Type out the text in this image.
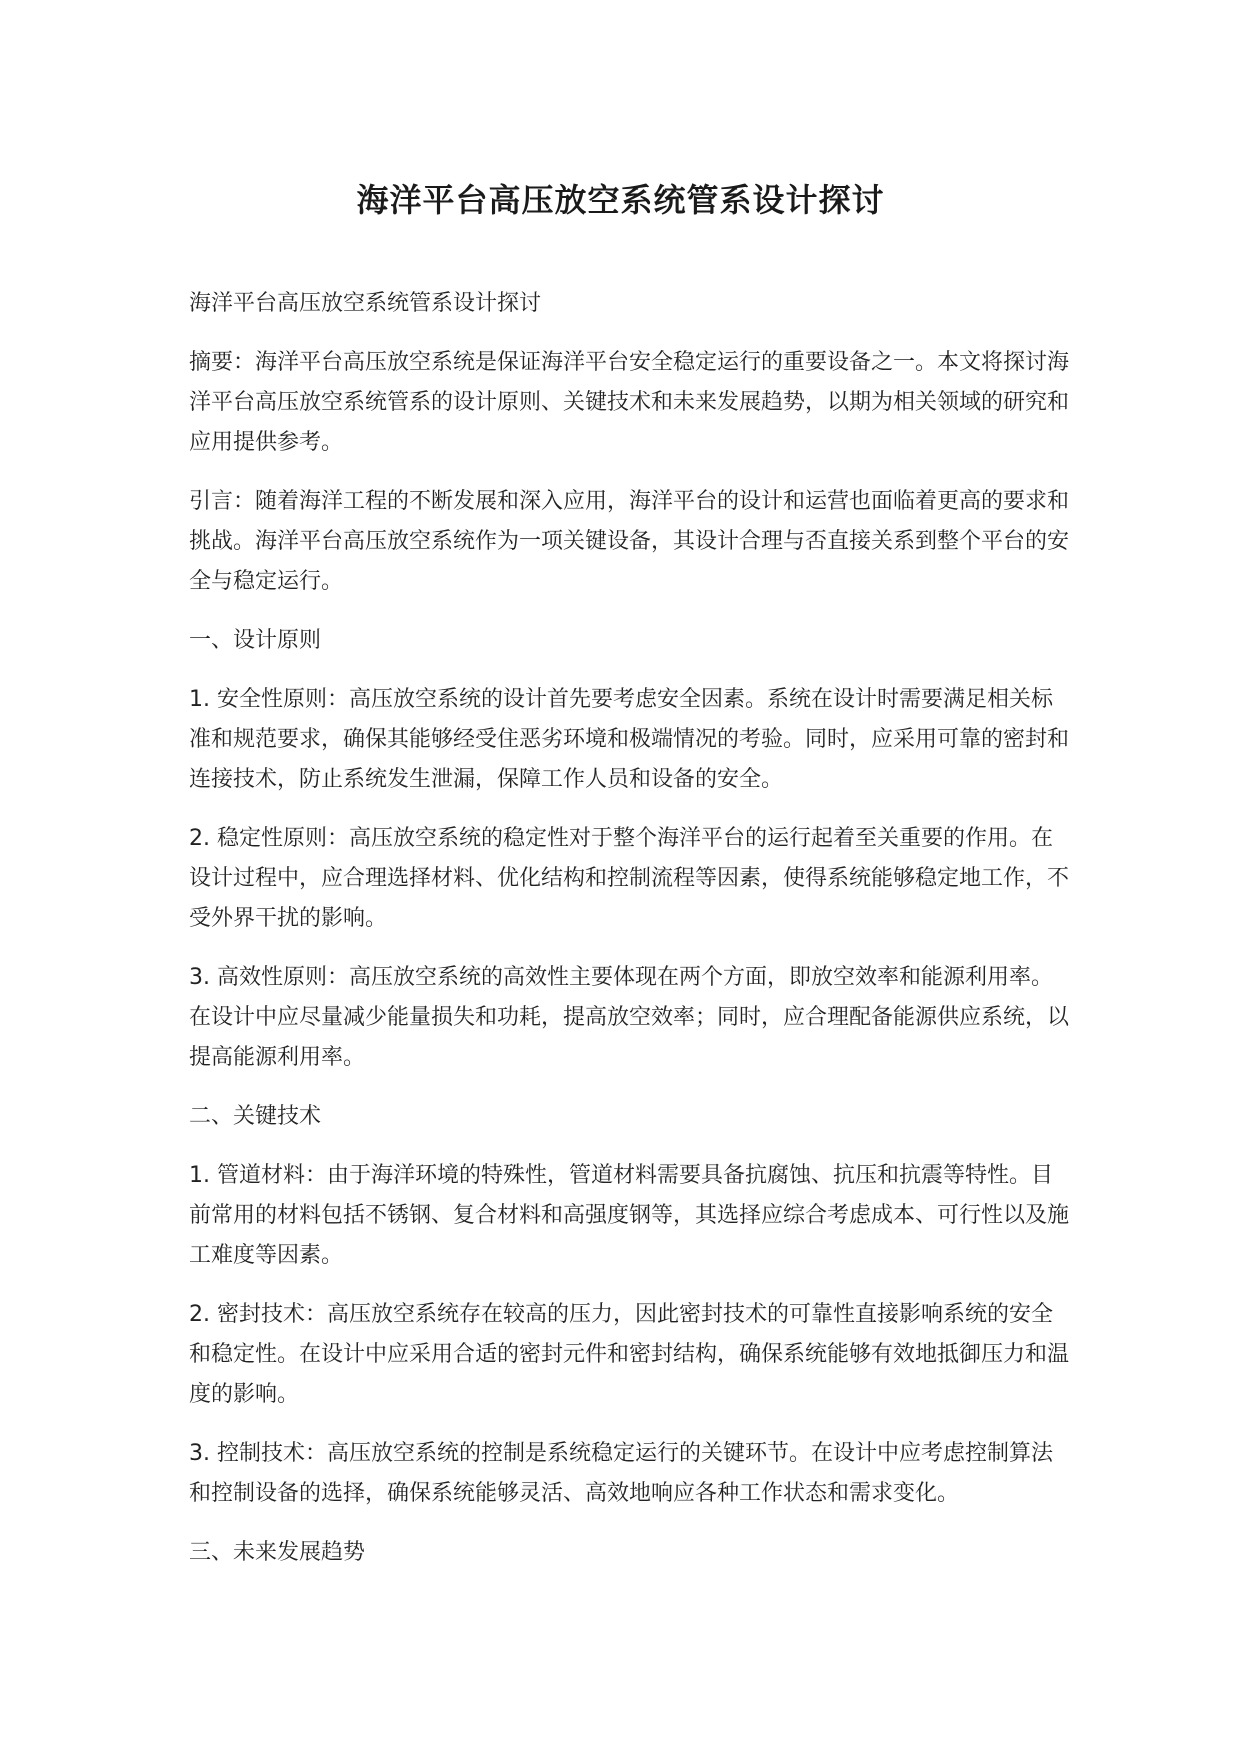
海洋平台高压放空系统管系设计探讨

海洋平台高压放空系统管系设计探讨

摘要：海洋平台高压放空系统是保证海洋平台安全稳定运行的重要设备之一。本文将探讨海洋平台高压放空系统管系的设计原则、关键技术和未来发展趋势，以期为相关领域的研究和应用提供参考。

引言：随着海洋工程的不断发展和深入应用，海洋平台的设计和运营也面临着更高的要求和挑战。海洋平台高压放空系统作为一项关键设备，其设计合理与否直接关系到整个平台的安全与稳定运行。

一、设计原则

1. 安全性原则：高压放空系统的设计首先要考虑安全因素。系统在设计时需要满足相关标准和规范要求，确保其能够经受住恶劣环境和极端情况的考验。同时，应采用可靠的密封和连接技术，防止系统发生泄漏，保障工作人员和设备的安全。

2. 稳定性原则：高压放空系统的稳定性对于整个海洋平台的运行起着至关重要的作用。在设计过程中，应合理选择材料、优化结构和控制流程等因素，使得系统能够稳定地工作，不受外界干扰的影响。

3. 高效性原则：高压放空系统的高效性主要体现在两个方面，即放空效率和能源利用率。在设计中应尽量减少能量损失和功耗，提高放空效率；同时，应合理配备能源供应系统，以提高能源利用率。

二、关键技术

1. 管道材料：由于海洋环境的特殊性，管道材料需要具备抗腐蚀、抗压和抗震等特性。目前常用的材料包括不锈钢、复合材料和高强度钢等，其选择应综合考虑成本、可行性以及施工难度等因素。

2. 密封技术：高压放空系统存在较高的压力，因此密封技术的可靠性直接影响系统的安全和稳定性。在设计中应采用合适的密封元件和密封结构，确保系统能够有效地抵御压力和温度的影响。

3. 控制技术：高压放空系统的控制是系统稳定运行的关键环节。在设计中应考虑控制算法和控制设备的选择，确保系统能够灵活、高效地响应各种工作状态和需求变化。

三、未来发展趋势
